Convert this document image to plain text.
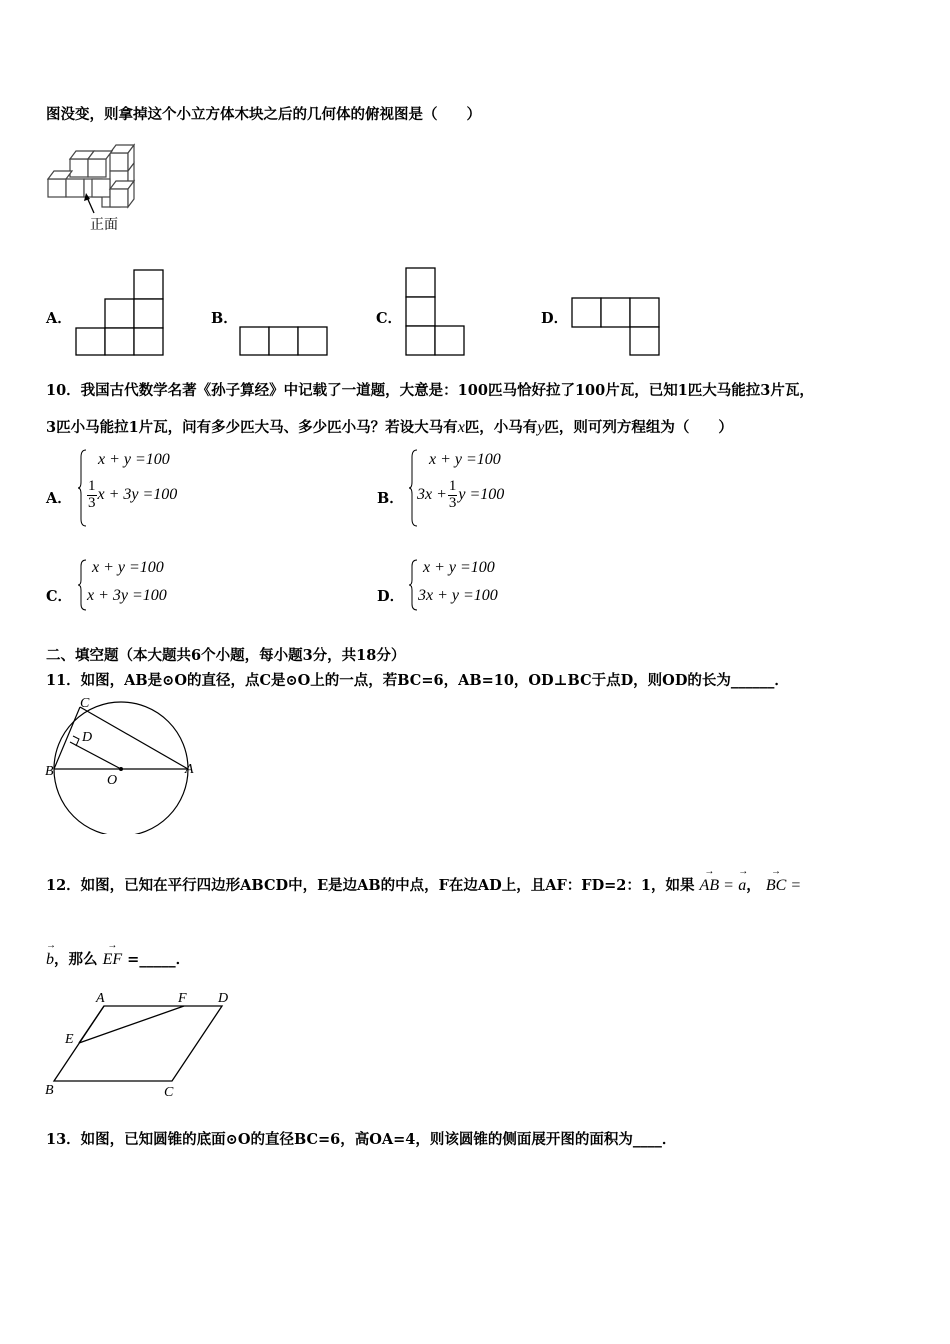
图没变，则拿掉这个小立方体木块之后的几何体的俯视图是（　　）
正面
A．	B．	C．	D．
10．我国古代数学名著《孙子算经》中记载了一道题，大意是：100匹马恰好拉了100片瓦，已知1匹大马能拉3片瓦，
3匹小马能拉1片瓦，问有多少匹大马、多少匹小马？若设大马有x匹，小马有y匹，则可列方程组为（　　）
A．
x + y =100
$\frac{1}{3}$ x + 3y =100	B．
x + y =100
$3x + \frac{1}{3}$ y =100
C．
x + y =100
x + 3y =100	D．
x + y =100
3x + y =100
二、填空题（本大题共6个小题，每小题3分，共18分）
11．如图，AB是⊙O的直径，点C是⊙O上的一点，若BC=6，AB=10，OD⊥BC于点D，则OD的长为______．
C
D
B
O
A
12．如图，已知在平行四边形ABCD中，E是边AB的中点，F在边AD上，且AF：FD=2：1，如果
→
AB =
→
a，
→
BC =
→
b，那么
→
EF =_____．
A	F D
E
B	C
13．如图，已知圆锥的底面⊙O的直径BC=6，高OA=4，则该圆锥的侧面展开图的面积为____．
